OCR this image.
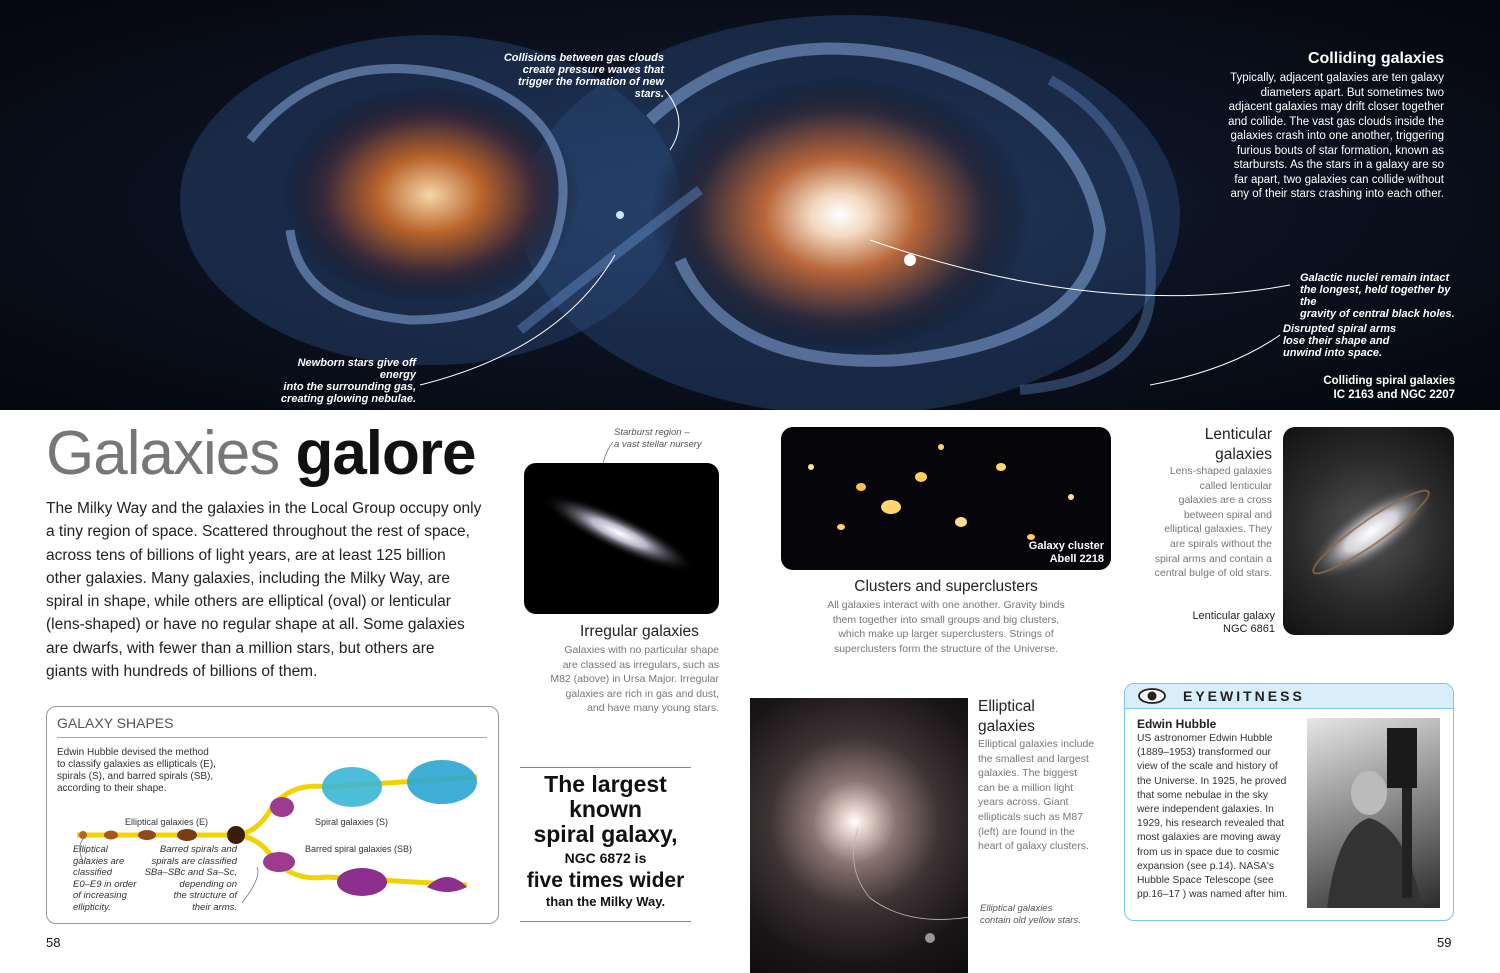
Collisions between gas clouds
create pressure waves that
trigger the formation of new stars.
Newborn stars give off energy
into the surrounding gas,
creating glowing nebulae.
Galactic nuclei remain intact
the longest, held together by the
gravity of central black holes.
Disrupted spiral arms
lose their shape and
unwind into space.
Colliding galaxies
Typically, adjacent galaxies are ten galaxy
diameters apart. But sometimes two
adjacent galaxies may drift closer together
and collide. The vast gas clouds inside the
galaxies crash into one another, triggering
furious bouts of star formation, known as
starbursts. As the stars in a galaxy are so
far apart, two galaxies can collide without
any of their stars crashing into each other.
Colliding spiral galaxies
IC 2163 and NGC 2207
Galaxies galore
The Milky Way and the galaxies in the Local Group occupy only
a tiny region of space. Scattered throughout the rest of space,
across tens of billions of light years, are at least 125 billion
other galaxies. Many galaxies, including the Milky Way, are
spiral in shape, while others are elliptical (oval) or lenticular
(lens-shaped) or have no regular shape at all. Some galaxies
are dwarfs, with fewer than a million stars, but others are
giants with hundreds of billions of them.
GALAXY SHAPES
Edwin Hubble devised the method
to classify galaxies as ellipticals (E),
spirals (S), and barred spirals (SB),
according to their shape.
Elliptical galaxies (E)	Spiral galaxies (S)
Barred spiral galaxies (SB)
Elliptical
galaxies are
classified
E0–E9 in order
of increasing
ellipticity.
Barred spirals and
spirals are classified
SBa–SBc and Sa–Sc,
depending on
the structure of
their arms.
Starburst region –
a vast stellar nursery
Irregular galaxies
Galaxies with no particular shape
are classed as irregulars, such as
M82 (above) in Ursa Major. Irregular
galaxies are rich in gas and dust,
and have many young stars.
The largest
known
spiral galaxy,
NGC 6872 is
five times wider
than the Milky Way.
Galaxy cluster
Abell 2218
Clusters and superclusters
All galaxies interact with one another. Gravity binds
them together into small groups and big clusters,
which make up larger superclusters. Strings of
superclusters form the structure of the Universe.
Lenticular
galaxies
Lens-shaped galaxies
called lenticular
galaxies are a cross
between spiral and
elliptical galaxies. They
are spirals without the
spiral arms and contain a
central bulge of old stars.
Lenticular galaxy
NGC 6861
Elliptical
galaxies
Elliptical galaxies include
the smallest and largest
galaxies. The biggest
can be a million light
years across. Giant
ellipticals such as M87
(left) are found in the
heart of galaxy clusters.
Elliptical galaxies
contain old yellow stars.
EYEWITNESS
Edwin Hubble
US astronomer Edwin Hubble
(1889–1953) transformed our
view of the scale and history of
the Universe. In 1925, he proved
that some nebulae in the sky
were independent galaxies. In
1929, his research revealed that
most galaxies are moving away
from us in space due to cosmic
expansion (see p.14). NASA's
Hubble Space Telescope (see
pp.16–17 ) was named after him.
58	59
